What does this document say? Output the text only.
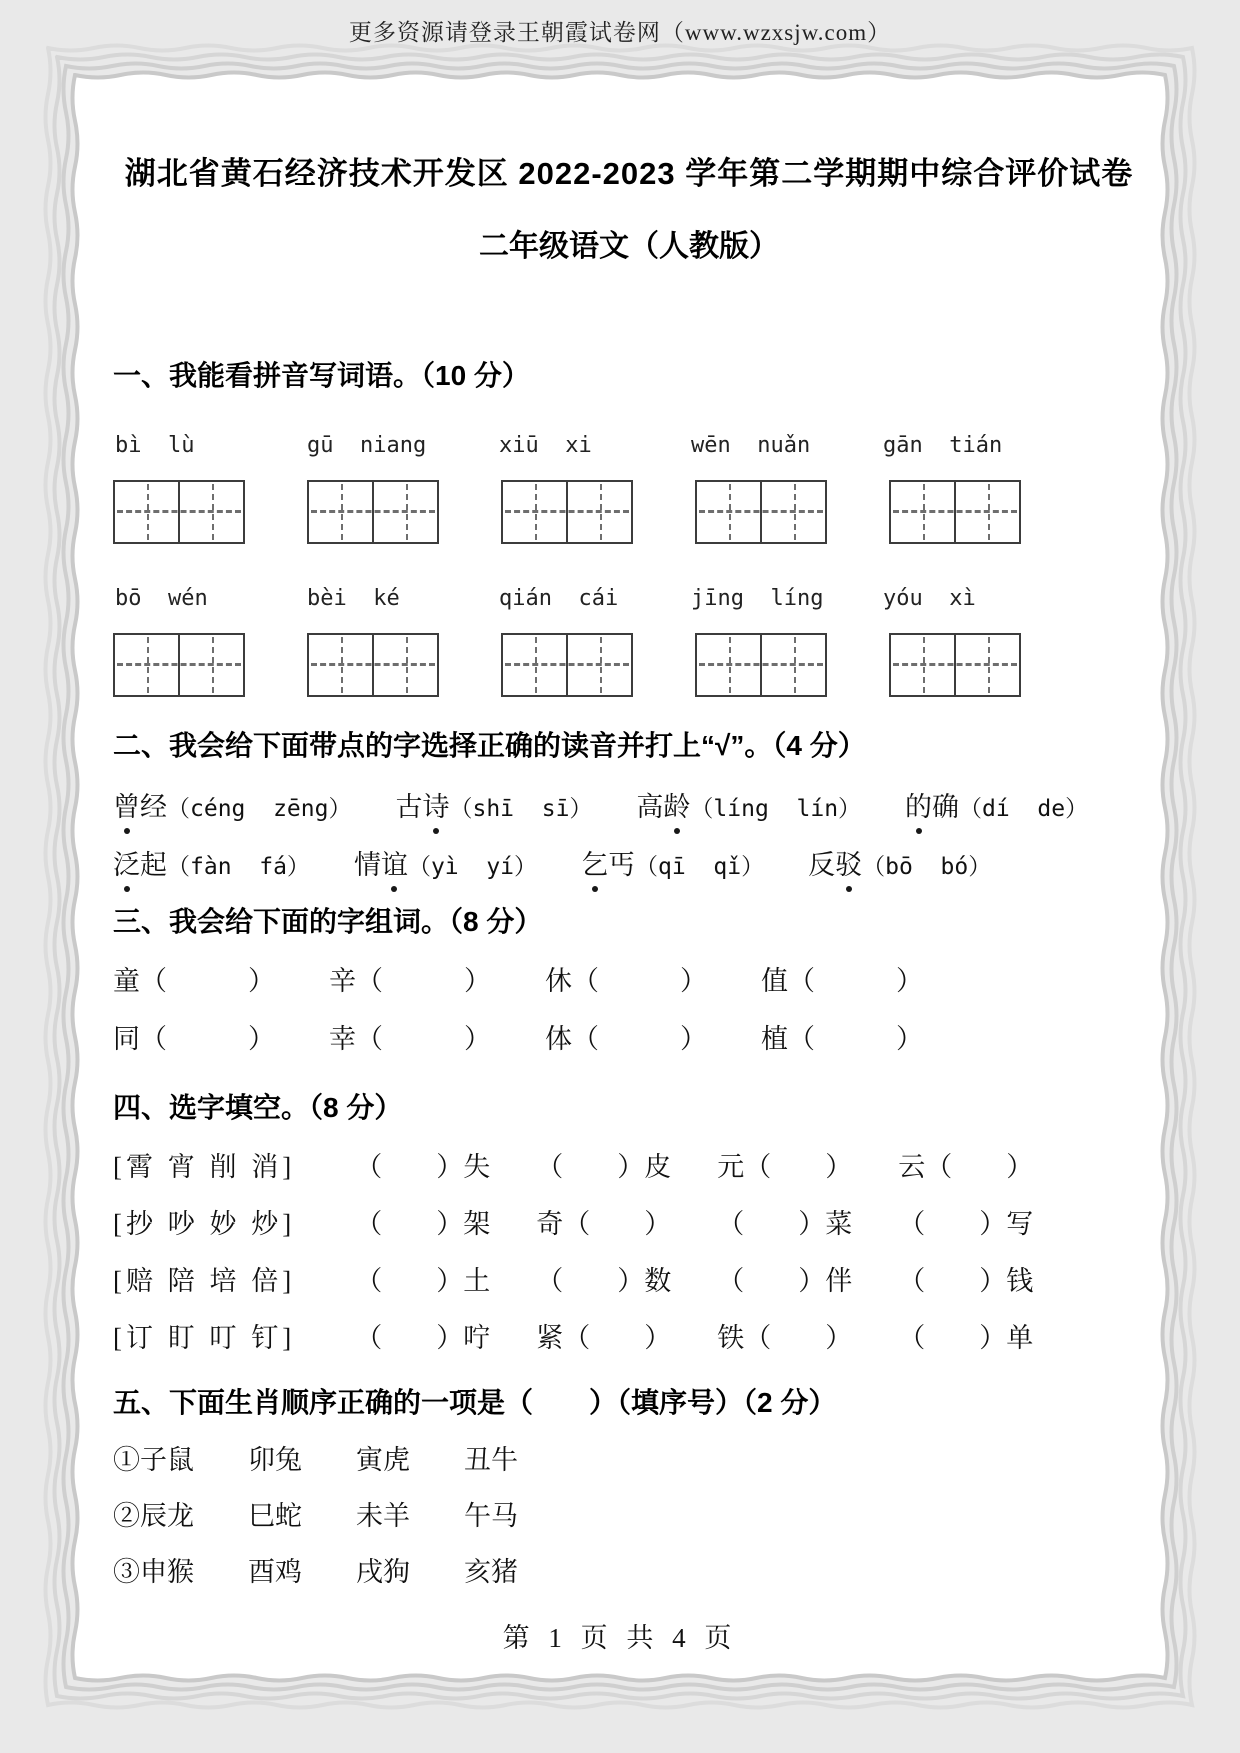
更多资源请登录王朝霞试卷网（www.wzxsjw.com）
湖北省黄石经济技术开发区 2022-2023 学年第二学期期中综合评价试卷
二年级语文（人教版）
一、我能看拼音写词语。（10 分）
bì  lù	gū  niang	xiū  xi	wēn  nuǎn	gān  tián
bō  wén	bèi  ké	qián  cái	jīng  líng	yóu  xì
二、我会给下面带点的字选择正确的读音并打上“√”。（4 分）
曾经（céng  zēng） 古诗（shī  sī） 高龄（líng  lín） 的确（dí  de）
泛起（fàn  fá） 情谊（yì  yí） 乞丐（qī  qǐ） 反驳（bō  bó）
三、我会给下面的字组词。（8 分）
童（　　　） 辛（　　　） 休（　　　） 值（　　　）
同（　　　） 幸（　　　） 体（　　　） 植（　　　）
四、选字填空。（8 分）
[霄 宵 削 消] （　　）失 （　　）皮 元（　　） 云（　　）
[抄 吵 妙 炒] （　　）架 奇（　　） （　　）菜 （　　）写
[赔 陪 培 倍] （　　）土 （　　）数 （　　）伴 （　　）钱
[订 盯 叮 钉] （　　）咛 紧（　　） 铁（　　） （　　）单
五、下面生肖顺序正确的一项是（　　）（填序号）（2 分）
①子鼠　　卯兔　　寅虎　　丑牛
②辰龙　　巳蛇　　未羊　　午马
③申猴　　酉鸡　　戌狗　　亥猪
第 1 页 共 4 页
